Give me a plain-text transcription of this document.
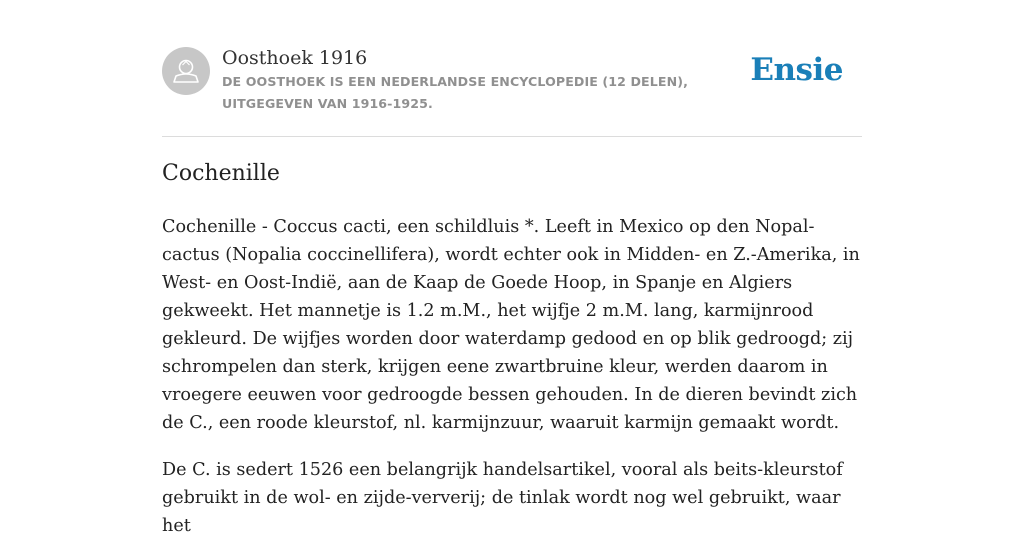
Oosthoek 1916
DE OOSTHOEK IS EEN NEDERLANDSE ENCYCLOPEDIE (12 DELEN), UITGEGEVEN VAN 1916-1925.
Ensie
Cochenille

Cochenille - Coccus cacti, een schildluis *. Leeft in Mexico op den Nopal-cactus (Nopalia coccinellifera), wordt echter ook in Midden- en Z.-Amerika, in West- en Oost-Indië, aan de Kaap de Goede Hoop, in Spanje en Algiers gekweekt. Het mannetje is 1.2 m.M., het wijfje 2 m.M. lang, karmijnrood gekleurd. De wijfjes worden door waterdamp gedood en op blik gedroogd; zij schrompelen dan sterk, krijgen eene zwartbruine kleur, werden daarom in vroegere eeuwen voor gedroogde bessen gehouden. In de dieren bevindt zich de C., een roode kleurstof, nl. karmijnzuur, waaruit karmijn gemaakt wordt.

De C. is sedert 1526 een belangrijk handelsartikel, vooral als beits-kleurstof gebruikt in de wol- en zijde-ververij; de tinlak wordt nog wel gebruikt, waar het
